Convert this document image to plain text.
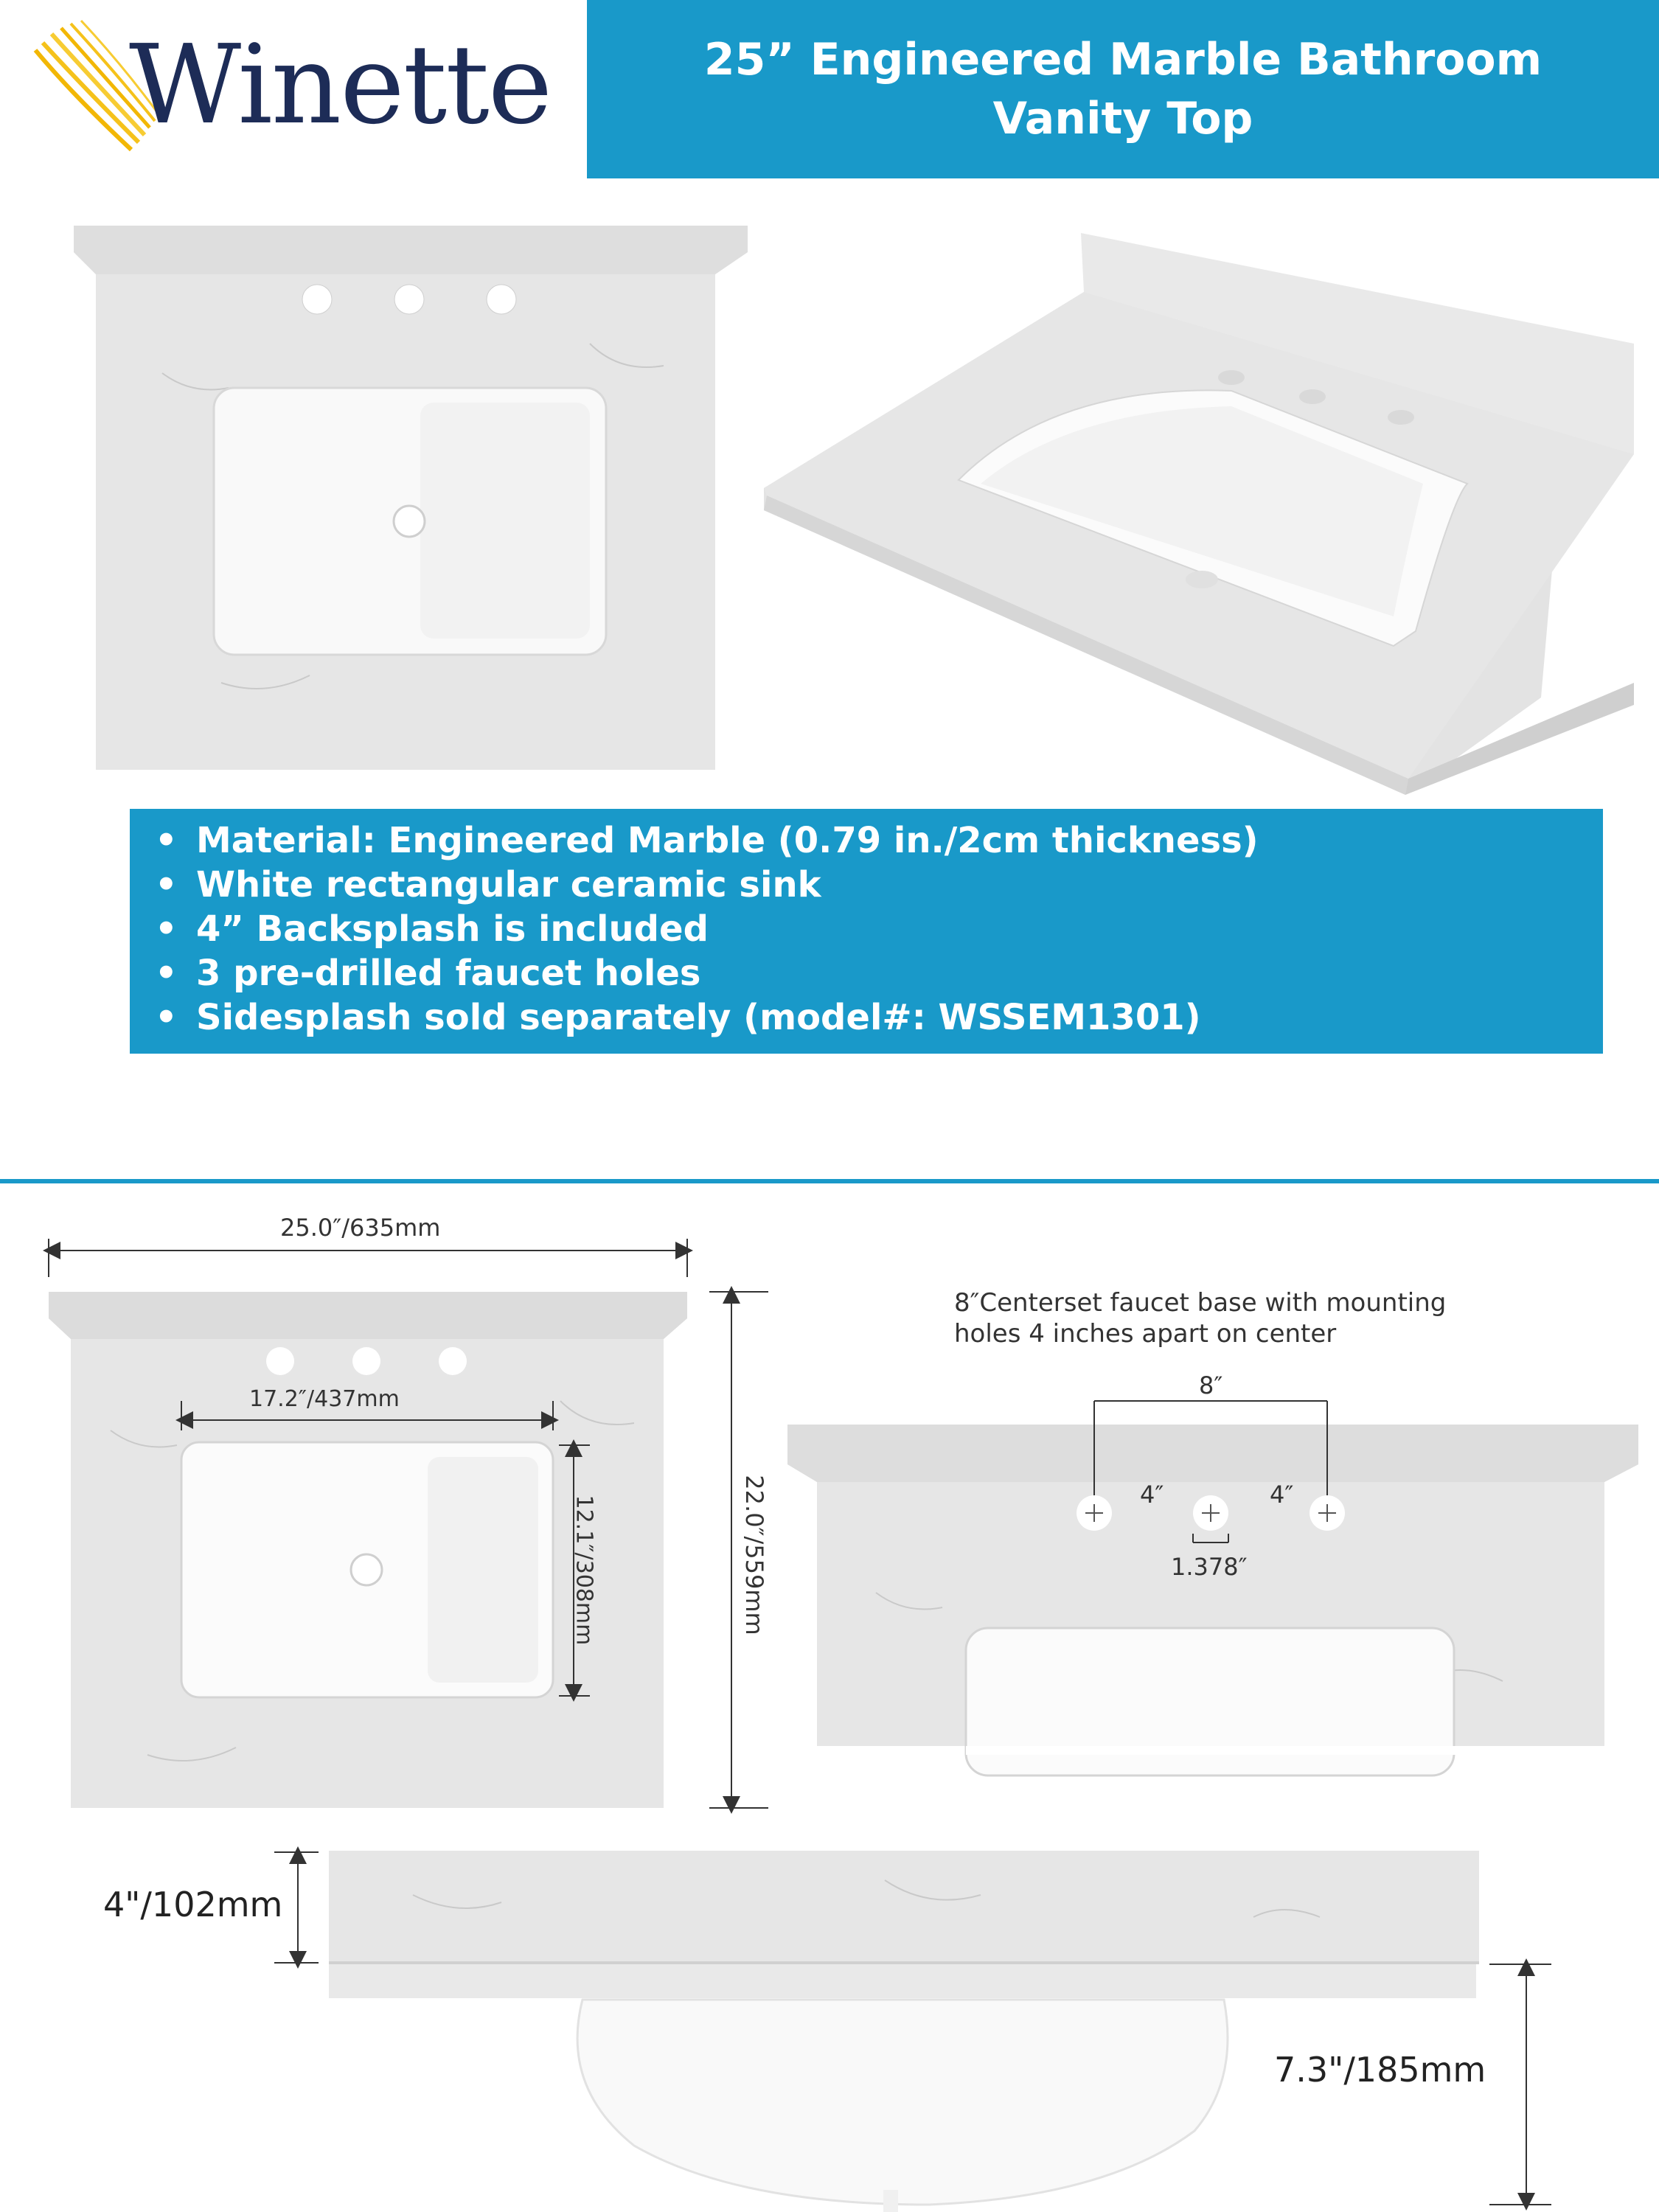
Winette	25” Engineered Marble Bathroom
Vanity Top
• Material: Engineered Marble (0.79 in./2cm thickness)
• White rectangular ceramic sink
• 4” Backsplash is included
• 3 pre-drilled faucet holes
• Sidesplash sold separately (model#: WSSEM1301)
25.0″/635mm
17.2″/437mm
12.1″/308mm	22.0″/559mm
8″Centerset faucet base with mounting
holes 4 inches apart on center
8″
4″	4″
1.378″
4"/102mm
7.3"/185mm
